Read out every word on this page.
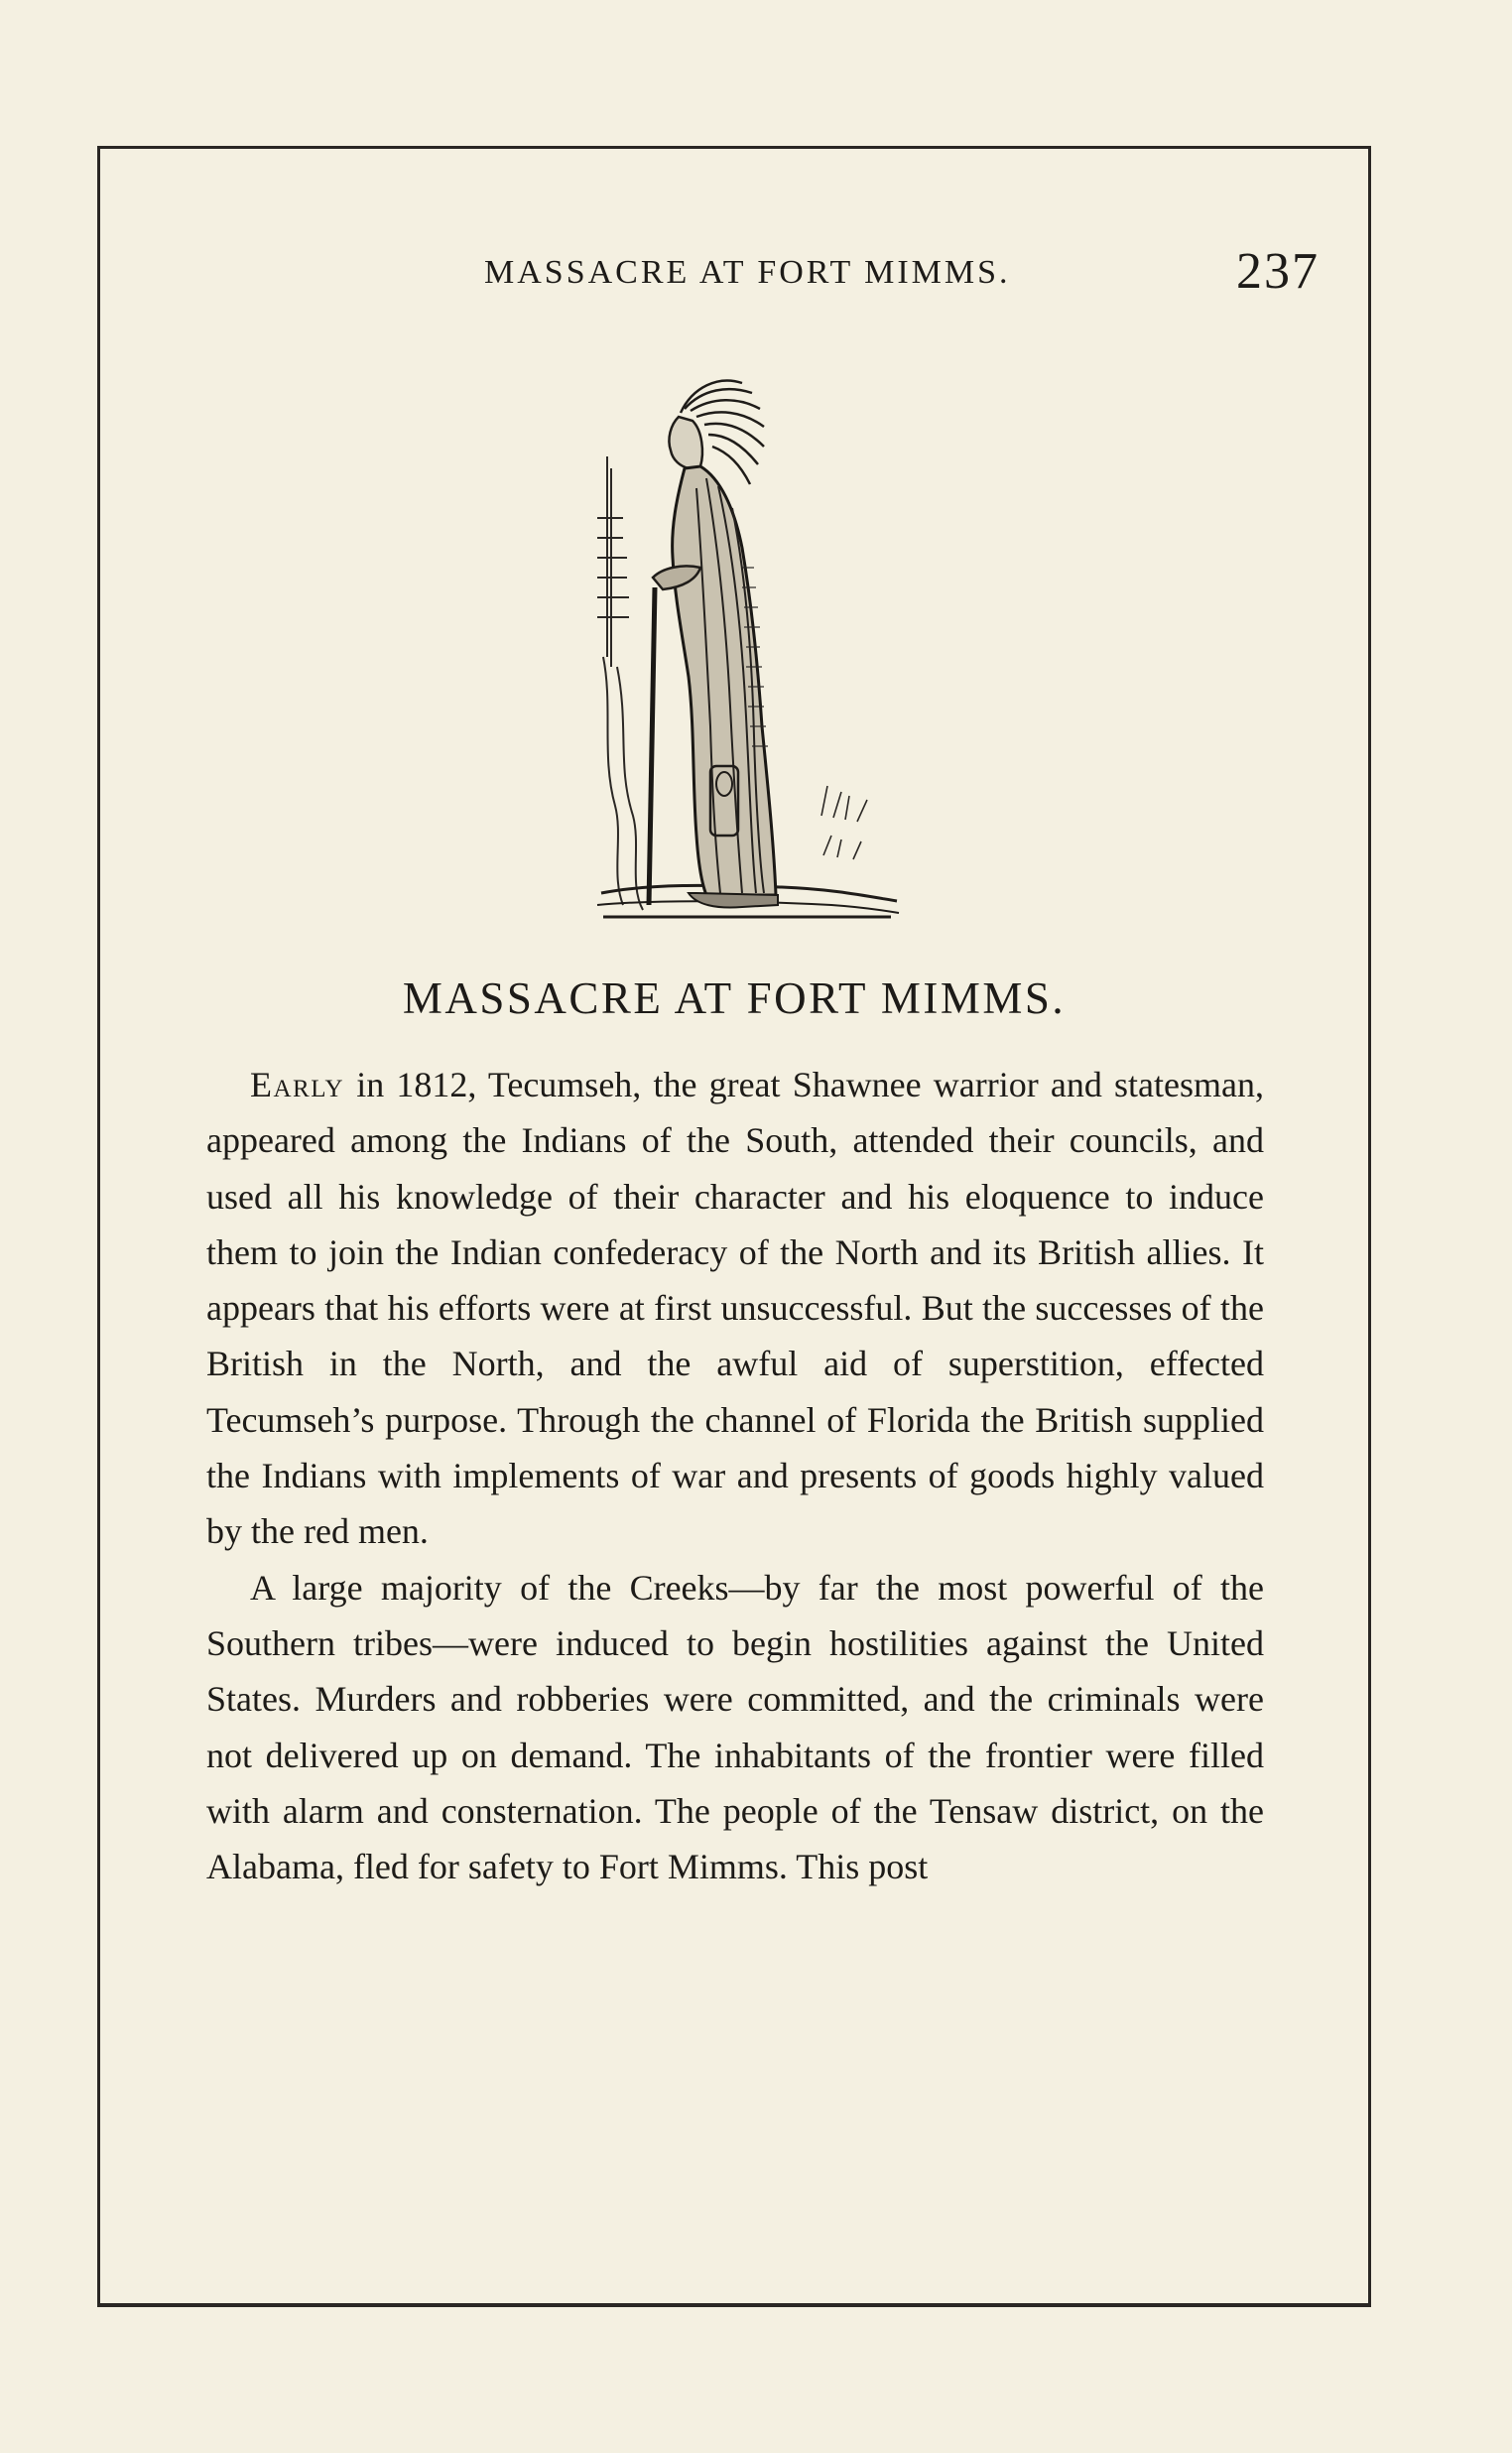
MASSACRE AT FORT MIMMS.	237
MASSACRE AT FORT MIMMS.

Early in 1812, Tecumseh, the great Shawnee warrior and statesman, appeared among the Indians of the South, attended their councils, and used all his knowledge of their character and his eloquence to induce them to join the Indian confederacy of the North and its British allies. It appears that his efforts were at first unsuccessful. But the successes of the British in the North, and the awful aid of superstition, effected Tecumseh’s purpose. Through the channel of Florida the British supplied the Indians with implements of war and presents of goods highly valued by the red men.

A large majority of the Creeks—by far the most powerful of the Southern tribes—were induced to begin hostilities against the United States. Murders and robberies were committed, and the criminals were not delivered up on demand. The inhabitants of the frontier were filled with alarm and consternation. The people of the Tensaw district, on the Alabama, fled for safety to Fort Mimms. This post
